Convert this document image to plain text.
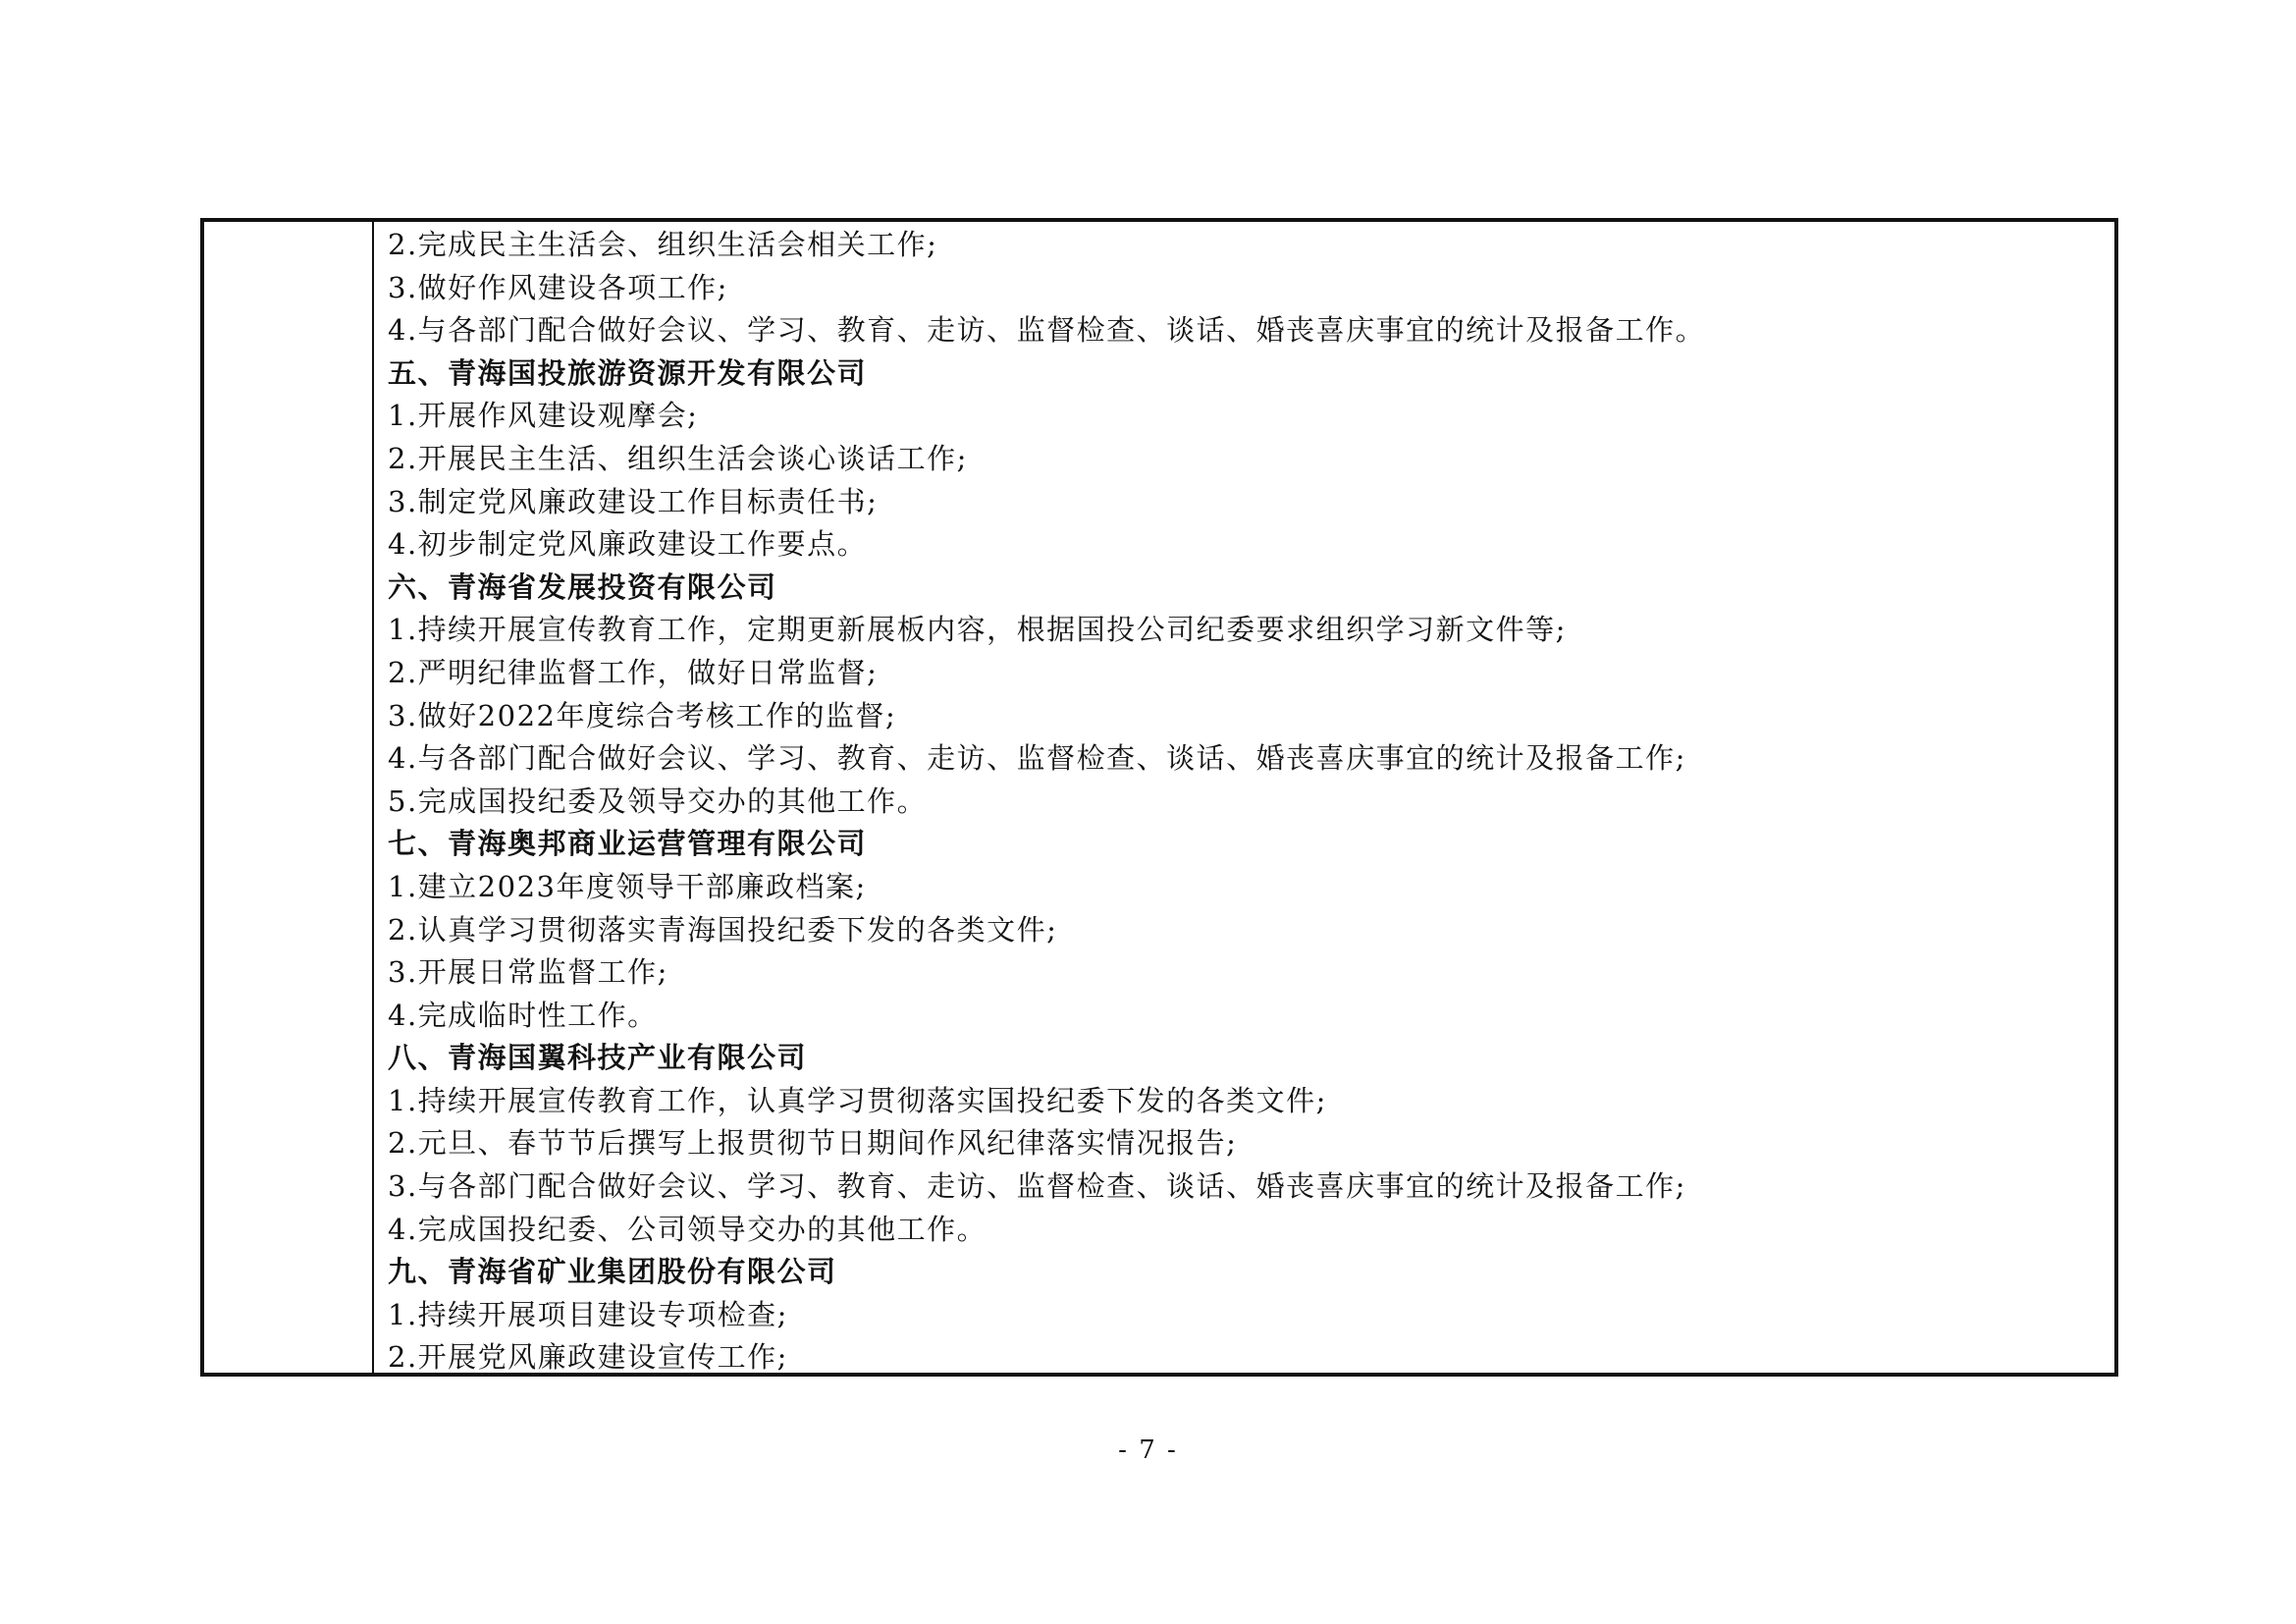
2.完成民主生活会、组织生活会相关工作;
3.做好作风建设各项工作;
4.与各部门配合做好会议、学习、教育、走访、监督检查、谈话、婚丧喜庆事宜的统计及报备工作。
五、青海国投旅游资源开发有限公司
1.开展作风建设观摩会;
2.开展民主生活、组织生活会谈心谈话工作;
3.制定党风廉政建设工作目标责任书;
4.初步制定党风廉政建设工作要点。
六、青海省发展投资有限公司
1.持续开展宣传教育工作，定期更新展板内容，根据国投公司纪委要求组织学习新文件等;
2.严明纪律监督工作，做好日常监督;
3.做好2022年度综合考核工作的监督;
4.与各部门配合做好会议、学习、教育、走访、监督检查、谈话、婚丧喜庆事宜的统计及报备工作;
5.完成国投纪委及领导交办的其他工作。
七、青海奥邦商业运营管理有限公司
1.建立2023年度领导干部廉政档案;
2.认真学习贯彻落实青海国投纪委下发的各类文件;
3.开展日常监督工作;
4.完成临时性工作。
八、青海国翼科技产业有限公司
1.持续开展宣传教育工作，认真学习贯彻落实国投纪委下发的各类文件;
2.元旦、春节节后撰写上报贯彻节日期间作风纪律落实情况报告;
3.与各部门配合做好会议、学习、教育、走访、监督检查、谈话、婚丧喜庆事宜的统计及报备工作;
4.完成国投纪委、公司领导交办的其他工作。
九、青海省矿业集团股份有限公司
1.持续开展项目建设专项检查;
2.开展党风廉政建设宣传工作;
- 7 -
